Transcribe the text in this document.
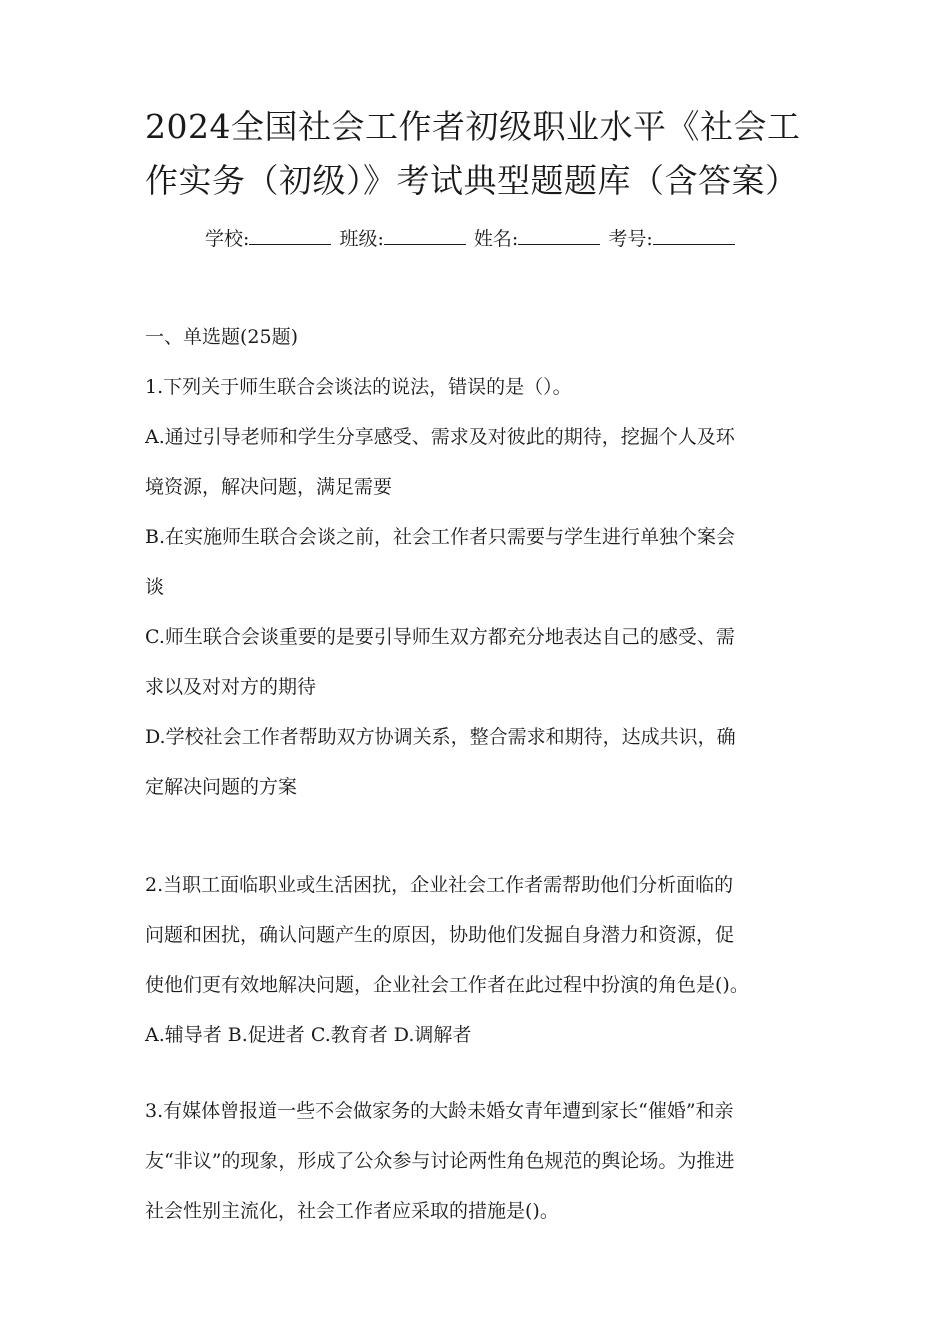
2024全国社会工作者初级职业水平《社会工
作实务（初级）》考试典型题题库（含答案）
学校:	班级:	姓名:	考号:
一、单选题(25题)
1.下列关于师生联合会谈法的说法，错误的是（）。
A.通过引导老师和学生分享感受、需求及对彼此的期待，挖掘个人及环
境资源，解决问题，满足需要
B.在实施师生联合会谈之前，社会工作者只需要与学生进行单独个案会
谈
C.师生联合会谈重要的是要引导师生双方都充分地表达自己的感受、需
求以及对对方的期待
D.学校社会工作者帮助双方协调关系，整合需求和期待，达成共识，确
定解决问题的方案
2.当职工面临职业或生活困扰，企业社会工作者需帮助他们分析面临的
问题和困扰，确认问题产生的原因，协助他们发掘自身潜力和资源，促
使他们更有效地解决问题，企业社会工作者在此过程中扮演的角色是()。
A.辅导者 B.促进者 C.教育者 D.调解者
3.有媒体曾报道一些不会做家务的大龄未婚女青年遭到家长“催婚”和亲
友“非议”的现象，形成了公众参与讨论两性角色规范的舆论场。为推进
社会性别主流化，社会工作者应采取的措施是()。
